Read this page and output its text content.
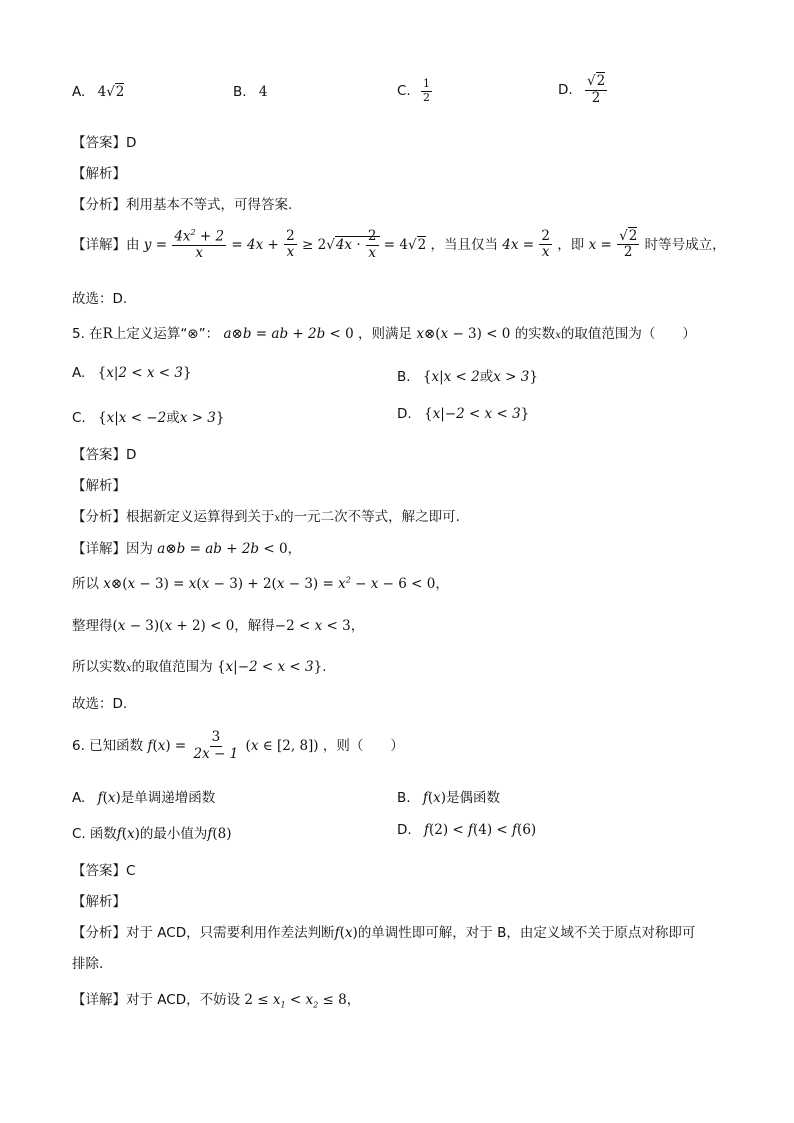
A. 4√2	B. 4	C. $\frac{1}{2}$	D. $\frac{√2}{2}$
【答案】D
【解析】
【分析】利用基本不等式，可得答案.
【详解】由 $y = \frac{4x^2 + 2}{x} = 4x + \frac{2}{x} \ge 2√4x \cdot \frac{2}{x} = 4√2$ ，当且仅当 $4x = \frac{2}{x}$ ，即 $x = \frac{√2}{2}$ 时等号成立，
故选：D.
5. 在R上定义运算“⊗”： a⊗b = ab + 2b < 0 ，则满足 x⊗(x − 3) < 0 的实数x的取值范围为（　　）
A. {x|2 < x < 3}	B. {x|x < 2或x > 3}
C. {x|x < −2或x > 3}	D. {x|−2 < x < 3}
【答案】D
【解析】
【分析】根据新定义运算得到关于x的一元二次不等式，解之即可.
【详解】因为 a⊗b = ab + 2b < 0，
所以 x⊗(x − $3) = x(x - 3) + 2(x - 3) = x^2 - x - 6 < 0$，
整理得(x − 3)(x + 2) < 0，解得−2 < x < 3，
所以实数x的取值范围为 {x|−2 < x < 3}.
故选：D.
6. 已知函数 $f(x) = \frac{3}{2x - 1} (x$ ∈ [2, 8]) ，则（　　）
A. f(x)是单调递增函数	B. f(x)是偶函数
C. 函数f(x)的最小值为f(8)	D. f(2) < f(4) < f(6)
【答案】C
【解析】
【分析】对于 ACD，只需要利用作差法判断f(x)的单调性即可解，对于 B，由定义域不关于原点对称即可
排除.
【详解】对于 ACD，不妨设 $2 \le x_1 < x_2 \le 8$，
